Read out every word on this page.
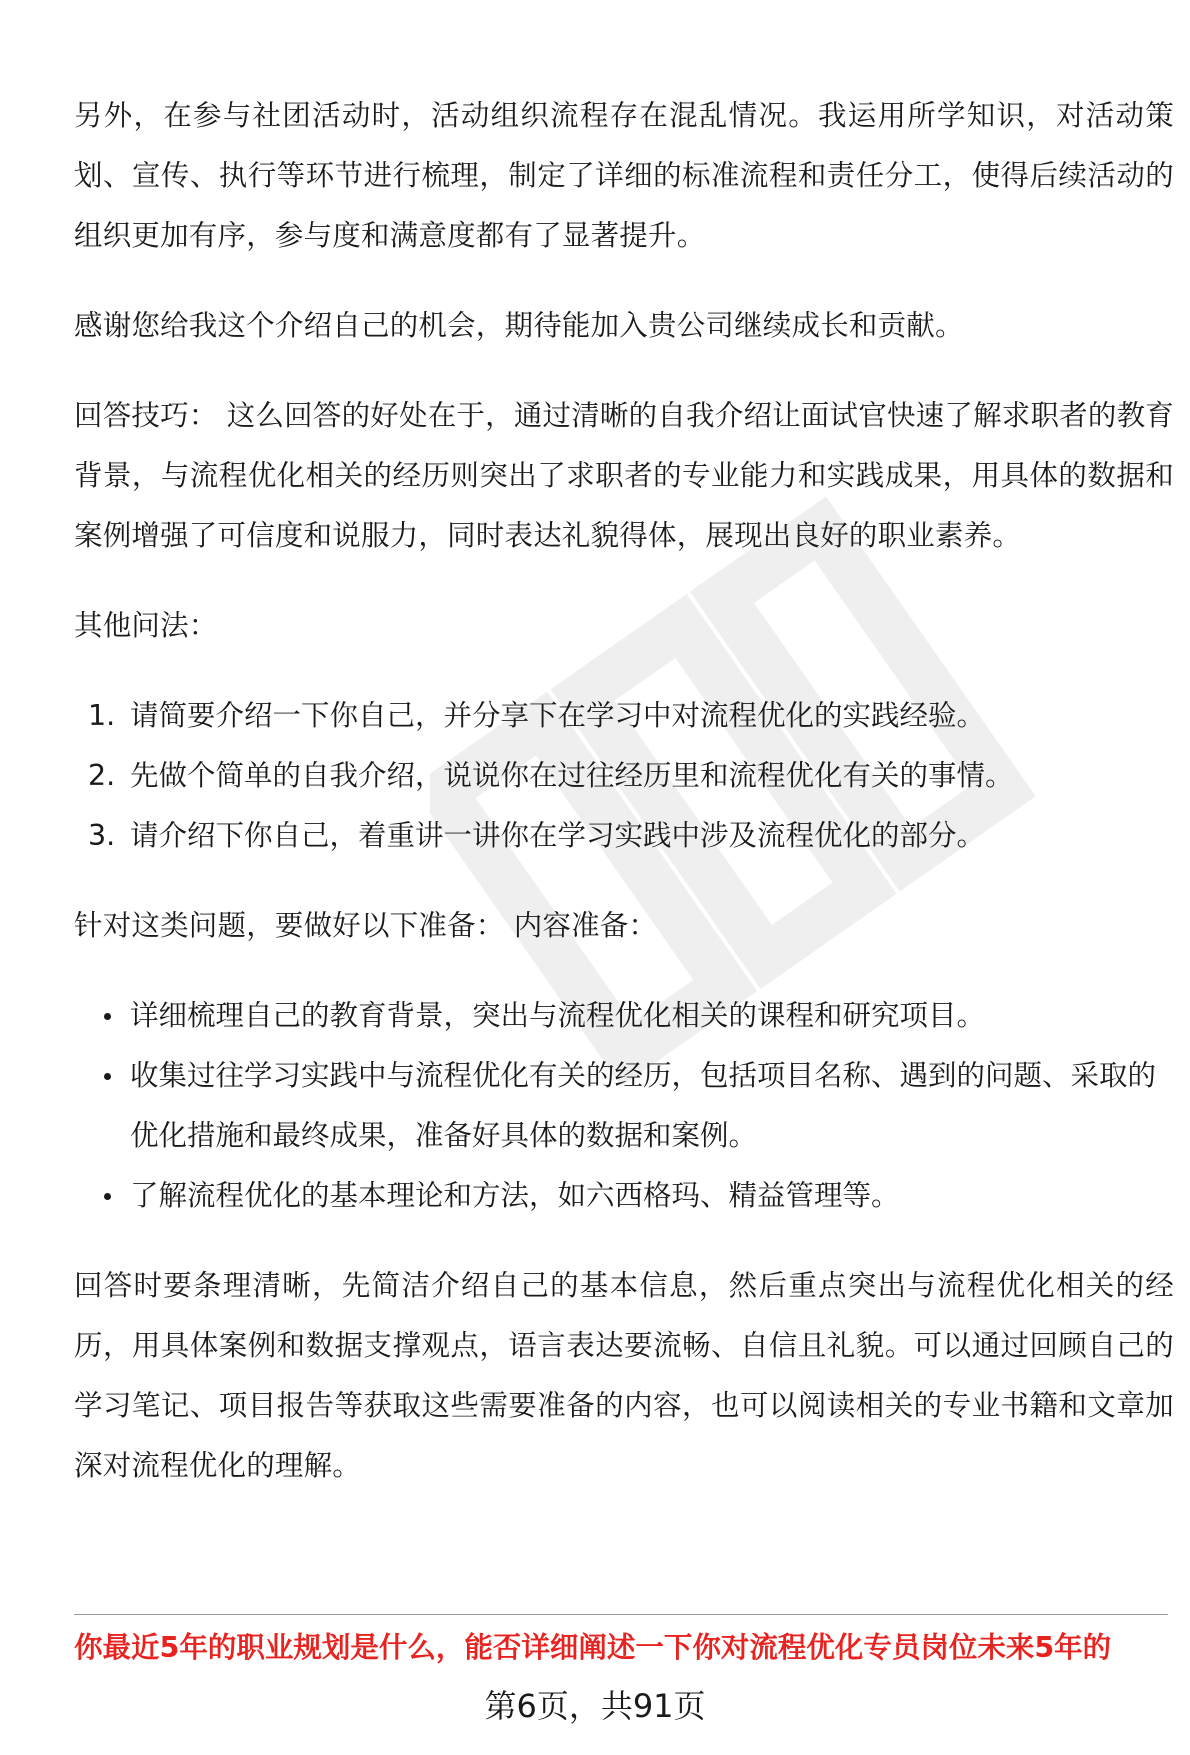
另外，在参与社团活动时，活动组织流程存在混乱情况。我运用所学知识，对活动策划、宣传、执行等环节进行梳理，制定了详细的标准流程和责任分工，使得后续活动的组织更加有序，参与度和满意度都有了显著提升。

感谢您给我这个介绍自己的机会，期待能加入贵公司继续成长和贡献。

回答技巧： 这么回答的好处在于，通过清晰的自我介绍让面试官快速了解求职者的教育背景，与流程优化相关的经历则突出了求职者的专业能力和实践成果，用具体的数据和案例增强了可信度和说服力，同时表达礼貌得体，展现出良好的职业素养。

其他问法：

1. 请简要介绍一下你自己，并分享下在学习中对流程优化的实践经验。
2. 先做个简单的自我介绍，说说你在过往经历里和流程优化有关的事情。
3. 请介绍下你自己，着重讲一讲你在学习实践中涉及流程优化的部分。

针对这类问题，要做好以下准备： 内容准备：

详细梳理自己的教育背景，突出与流程优化相关的课程和研究项目。
收集过往学习实践中与流程优化有关的经历，包括项目名称、遇到的问题、采取的优化措施和最终成果，准备好具体的数据和案例。
了解流程优化的基本理论和方法，如六西格玛、精益管理等。

回答时要条理清晰，先简洁介绍自己的基本信息，然后重点突出与流程优化相关的经历，用具体案例和数据支撑观点，语言表达要流畅、自信且礼貌。可以通过回顾自己的学习笔记、项目报告等获取这些需要准备的内容，也可以阅读相关的专业书籍和文章加深对流程优化的理解。

你最近5年的职业规划是什么，能否详细阐述一下你对流程优化专员岗位未来5年的
第6页，共91页
